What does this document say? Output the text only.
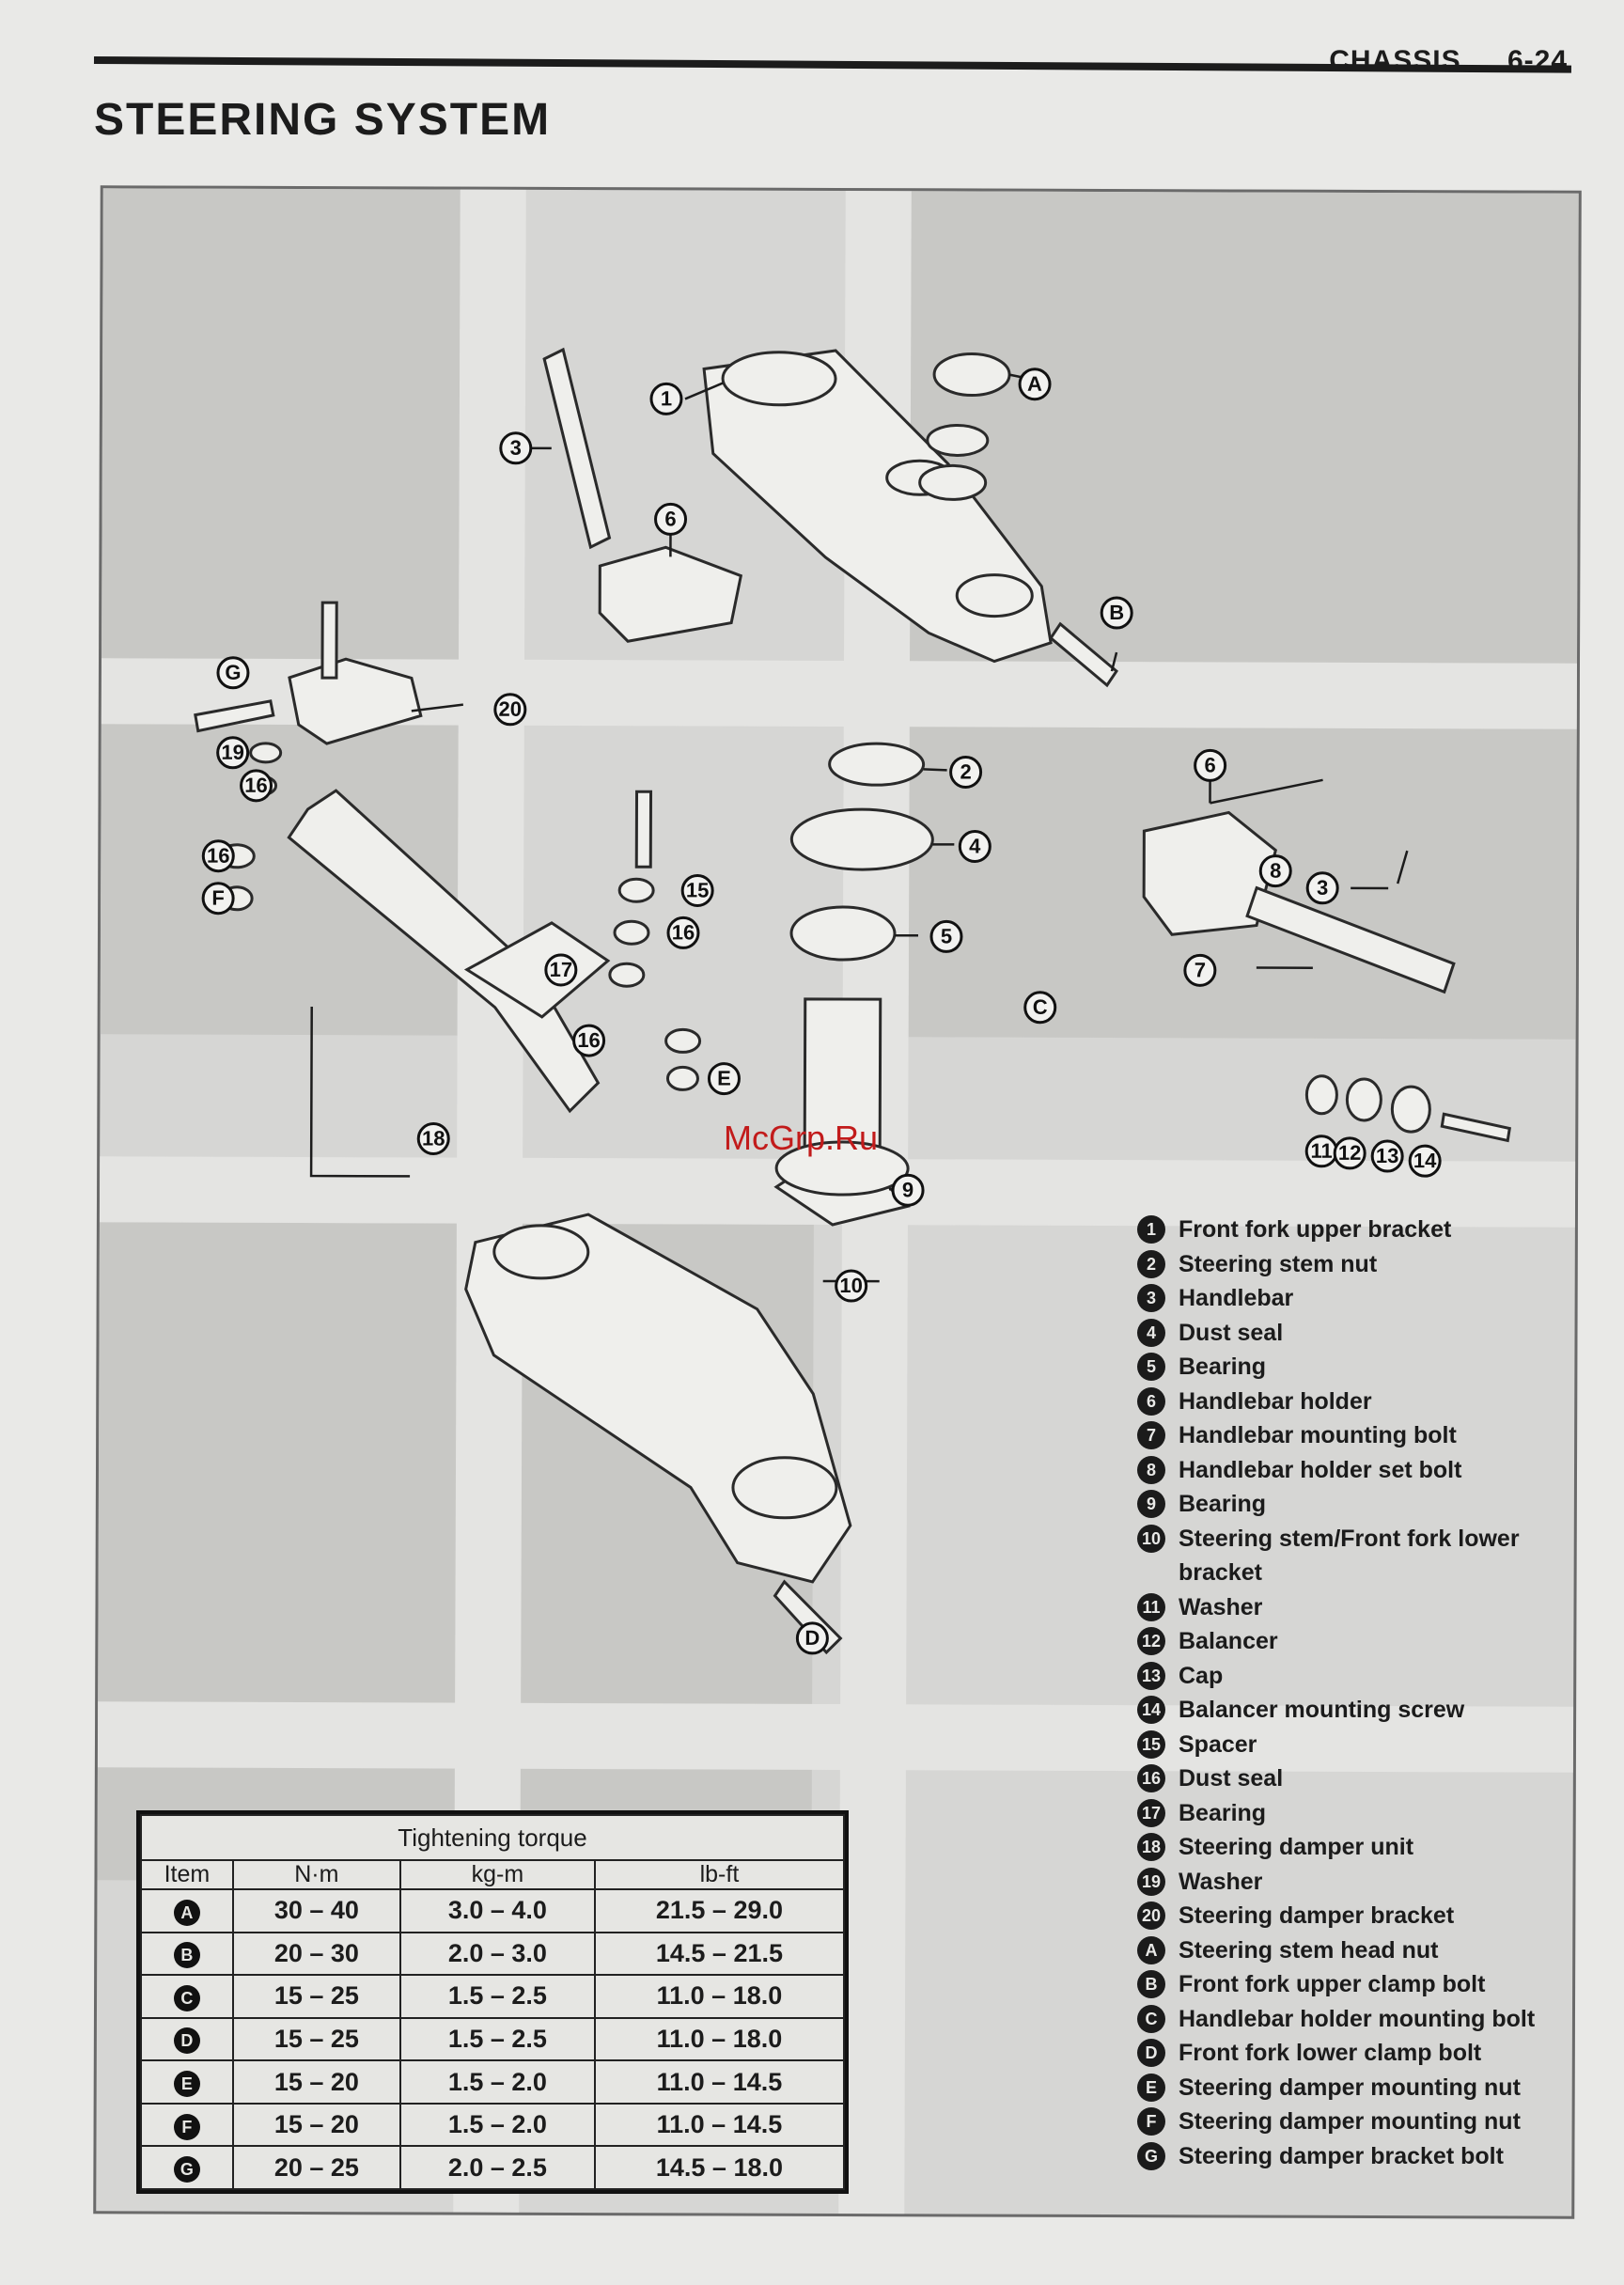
CHASSIS 6-24
STEERING SYSTEM
1
2
3
3
4
5
6
6
7
8
9
10
11 12 13 14
15
16
16
16
16
17
18
19
20
A
B
C
D
E
F
G
McGrp.Ru
1 Front fork upper bracket
2 Steering stem nut
3 Handlebar
4 Dust seal
5 Bearing
6 Handlebar holder
7 Handlebar mounting bolt
8 Handlebar holder set bolt
9 Bearing
10 Steering stem/Front fork lower bracket
11 Washer
12 Balancer
13 Cap
14 Balancer mounting screw
15 Spacer
16 Dust seal
17 Bearing
18 Steering damper unit
19 Washer
20 Steering damper bracket
A Steering stem head nut
B Front fork upper clamp bolt
C Handlebar holder mounting bolt
D Front fork lower clamp bolt
E Steering damper mounting nut
F Steering damper mounting nut
G Steering damper bracket bolt
Tightening torque			
Item	N·m	kg-m	lb-ft
A	30 – 40	3.0 – 4.0	21.5 – 29.0
B	20 – 30	2.0 – 3.0	14.5 – 21.5
C	15 – 25	1.5 – 2.5	11.0 – 18.0
D	15 – 25	1.5 – 2.5	11.0 – 18.0
E	15 – 20	1.5 – 2.0	11.0 – 14.5
F	15 – 20	1.5 – 2.0	11.0 – 14.5
G	20 – 25	2.0 – 2.5	14.5 – 18.0
